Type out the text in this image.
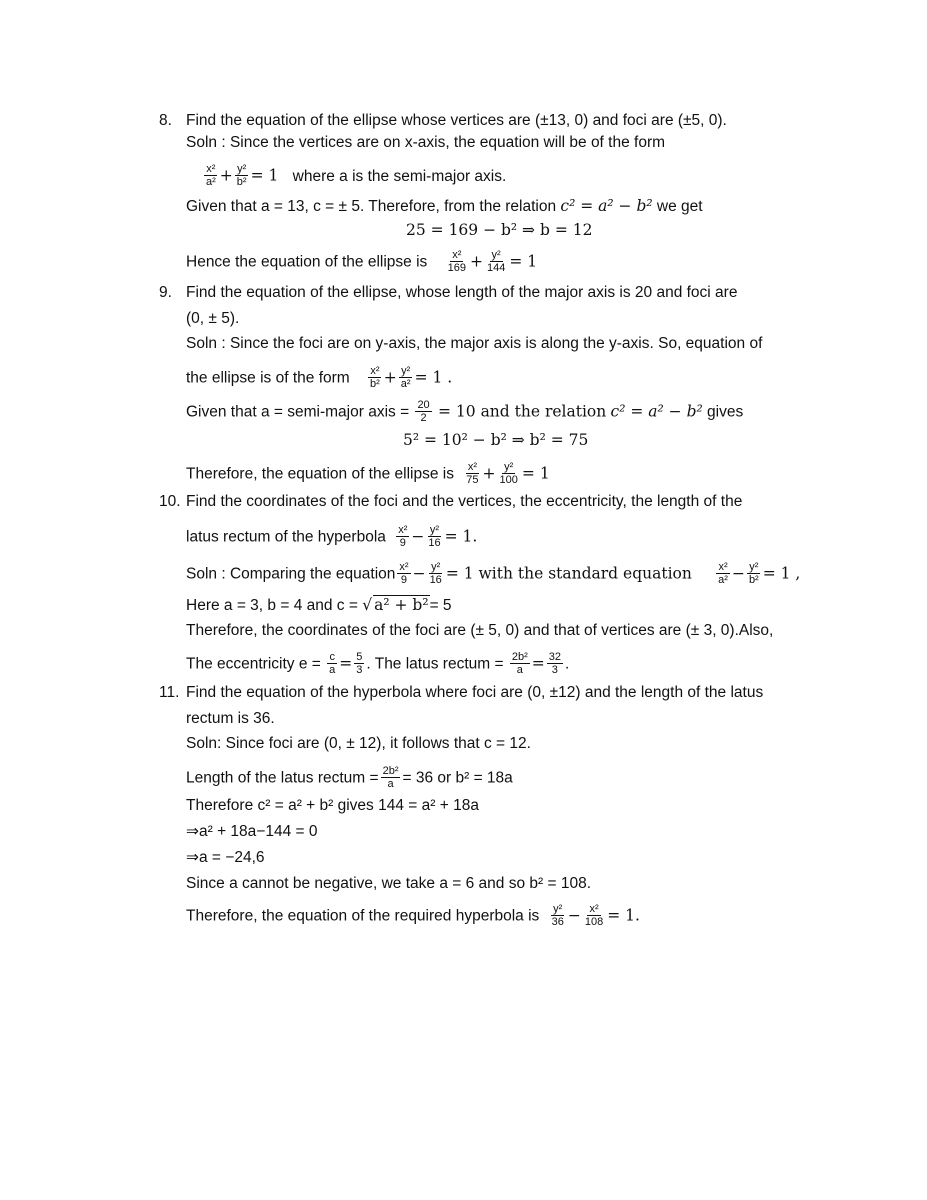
8. Find the equation of the ellipse whose vertices are (±13, 0) and foci are (±5, 0).
Soln : Since the vertices are on x-axis, the equation will be of the form
$\frac{\text{x²}}{\text{a²}} + \frac{\text{y²}}{\text{b²}} = 1$ where a is the semi-major axis.
Given that a = 13, c = ± 5. Therefore, from the relation c² = a² − b² we get
25 = 169 − b² ⇒ b = 12
Hence the equation of the ellipse is $\frac{\text{x²}}{169} + \frac{\text{y²}}{144} = 1$
9. Find the equation of the ellipse, whose length of the major axis is 20 and foci are
(0, ± 5).
Soln : Since the foci are on y-axis, the major axis is along the y-axis. So, equation of
the ellipse is of the form $\frac{\text{x²}}{\text{b²}} + \frac{\text{y²}}{\text{a²}} = 1$ .
Given that a = semi-major axis = $\frac{20}{2} = 10$ and the relation c² = a² − b² gives
5² = 10² − b² ⇒ b² = 75
Therefore, the equation of the ellipse is $\frac{\text{x²}}{75} + \frac{\text{y²}}{100} = 1$
10. Find the coordinates of the foci and the vertices, the eccentricity, the length of the
latus rectum of the hyperbola $\frac{\text{x²}}{9} - \frac{\text{y²}}{16} = 1$.
Soln : Comparing the equation $\frac{\text{x²}}{9} - \frac{\text{y²}}{16} = 1$ with the standard equation $\frac{\text{x²}}{\text{a²}} - \frac{\text{y²}}{\text{b²}} = 1$ ,
Here a = 3, b = 4 and c = √ a² + b²= 5
Therefore, the coordinates of the foci are (± 5, 0) and that of vertices are (± 3, 0).Also,
The eccentricity $e = \frac{c}{a} = \frac{5}{3}$ . The latus rectum = $\frac{\text{2b²}}{a} = \frac{32}{3}$ .
11. Find the equation of the hyperbola where foci are (0, ±12) and the length of the latus
rectum is 36.
Soln: Since foci are (0, ± 12), it follows that c = 12.
Length of the latus rectum = $\frac{\text{2b²}}{a} = 36$ or b² = 18a
Therefore c² = a² + b² gives 144 = a² + 18a
⇒a² + 18a−144 = 0
⇒a = −24,6
Since a cannot be negative, we take a = 6 and so b² = 108.
Therefore, the equation of the required hyperbola is $\frac{\text{y²}}{36} - \frac{\text{x²}}{108} = 1$.
